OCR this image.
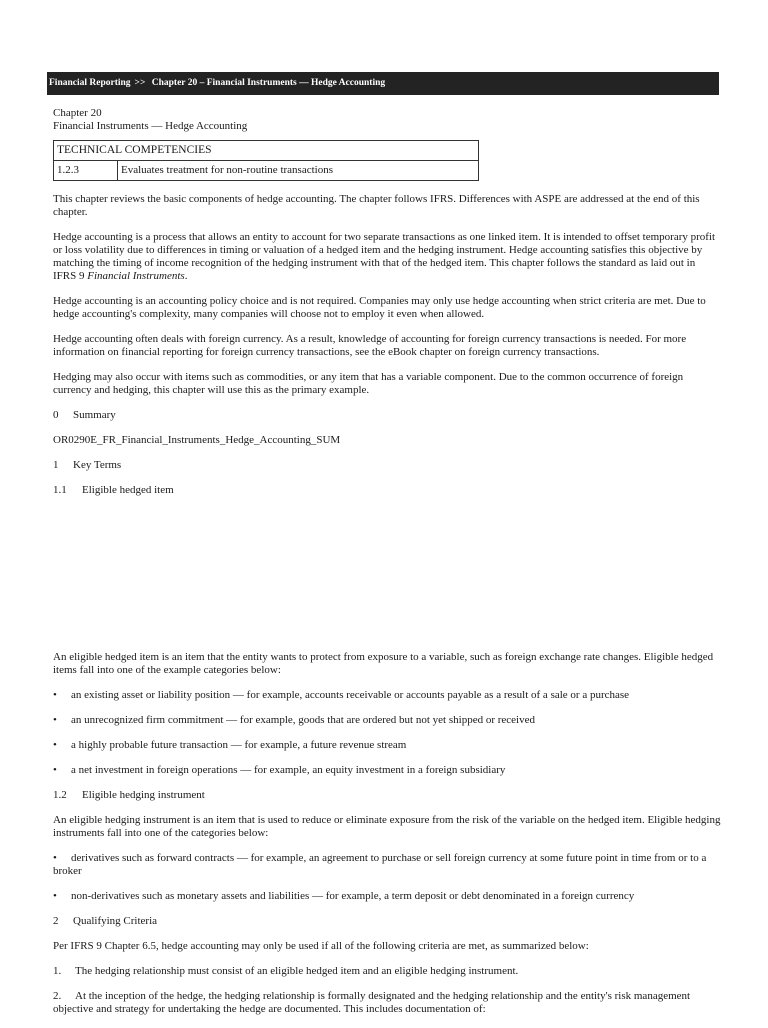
Financial Reporting >> Chapter 20 – Financial Instruments — Hedge Accounting

Chapter 20

Financial Instruments — Hedge Accounting

TECHNICAL COMPETENCIES
1.2.3	Evaluates treatment for non-routine transactions

This chapter reviews the basic components of hedge accounting. The chapter follows IFRS. Differences with ASPE are addressed at the end of this chapter.

Hedge accounting is a process that allows an entity to account for two separate transactions as one linked item. It is intended to offset temporary profit or loss volatility due to differences in timing or valuation of a hedged item and the hedging instrument. Hedge accounting satisfies this objective by matching the timing of income recognition of the hedging instrument with that of the hedged item. This chapter follows the standard as laid out in IFRS 9 Financial Instruments.

Hedge accounting is an accounting policy choice and is not required. Companies may only use hedge accounting when strict criteria are met. Due to hedge accounting's complexity, many companies will choose not to employ it even when allowed.

Hedge accounting often deals with foreign currency. As a result, knowledge of accounting for foreign currency transactions is needed. For more information on financial reporting for foreign currency transactions, see the eBook chapter on foreign currency transactions.

Hedging may also occur with items such as commodities, or any item that has a variable component. Due to the common occurrence of foreign currency and hedging, this chapter will use this as the primary example.

0 Summary

OR0290E_FR_Financial_Instruments_Hedge_Accounting_SUM

1 Key Terms
1.1 Eligible hedged item

An eligible hedged item is an item that the entity wants to protect from exposure to a variable, such as foreign exchange rate changes. Eligible hedged items fall into one of the example categories below:

• an existing asset or liability position — for example, accounts receivable or accounts payable as a result of a sale or a purchase
• an unrecognized firm commitment — for example, goods that are ordered but not yet shipped or received
• a highly probable future transaction — for example, a future revenue stream
• a net investment in foreign operations — for example, an equity investment in a foreign subsidiary
1.2 Eligible hedging instrument

An eligible hedging instrument is an item that is used to reduce or eliminate exposure from the risk of the variable on the hedged item. Eligible hedging instruments fall into one of the categories below:

• derivatives such as forward contracts — for example, an agreement to purchase or sell foreign currency at some future point in time from or to a broker
• non-derivatives such as monetary assets and liabilities — for example, a term deposit or debt denominated in a foreign currency
2 Qualifying Criteria

Per IFRS 9 Chapter 6.5, hedge accounting may only be used if all of the following criteria are met, as summarized below:

1. The hedging relationship must consist of an eligible hedged item and an eligible hedging instrument.
2. At the inception of the hedge, the hedging relationship is formally designated and the hedging relationship and the entity's risk management objective and strategy for undertaking the hedge are documented. This includes documentation of:
